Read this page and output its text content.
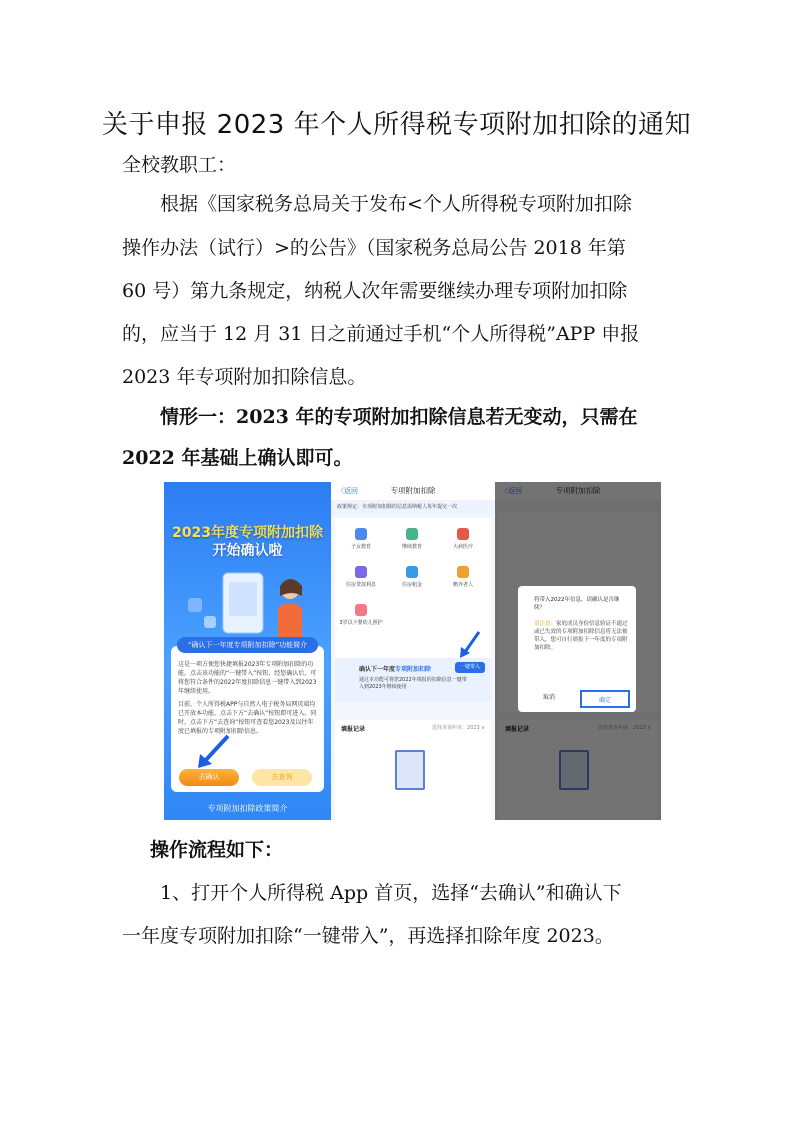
关于申报 2023 年个人所得税专项附加扣除的通知
全校教职工：
根据《国家税务总局关于发布<个人所得税专项附加扣除
操作办法（试行）>的公告》（国家税务总局公告 2018 年第
60 号）第九条规定，纳税人次年需要继续办理专项附加扣除
的，应当于 12 月 31 日之前通过手机“个人所得税”APP 申报
2023 年专项附加扣除信息。
情形一：2023 年的专项附加扣除信息若无变动，只需在
2022 年基础上确认即可。
2023年度专项附加扣除
开始确认啦
“确认下一年度专项附加扣除”功能简介
这是一项方便您快捷填报2023年专项附加扣除的功能，点击该功能的“一键带入”按钮，经您确认后，可将您符合条件的2022年度扣除信息一键带入到2023年继续使用。
目前，个人所得税APP与自然人电子税务局网页端均已开放本功能，点击下方“去确认”按钮即可进入。同时，点击下方“去查询”按钮可查看您2023及以往年度已填报的专项附加扣除信息。
去确认	去查询
专项附加扣除政策简介
〈返回	专项附加扣除
政策规定：专项附加扣除的信息需纳税人每年提交一次
子女教育	继续教育	大病医疗
住房贷款利息	住房租金	赡养老人
3岁以下婴幼儿照护
确认下一年度专项附加扣除	一键带入
通过本功能可将您2022年填报的扣除信息一键带入到2023年继续使用
填报记录	选择查询年度：2023 ∨
将带入2022年信息，请确认是否继续？
请注意：家庭成员身份信息验证不通过或已失效的专项附加扣除信息将无法被带入，您可自行填报下一年度的专项附加扣除。
取消	确定
操作流程如下：
1、打开个人所得税 App 首页，选择“去确认”和确认下
一年度专项附加扣除“一键带入”，再选择扣除年度 2023。
